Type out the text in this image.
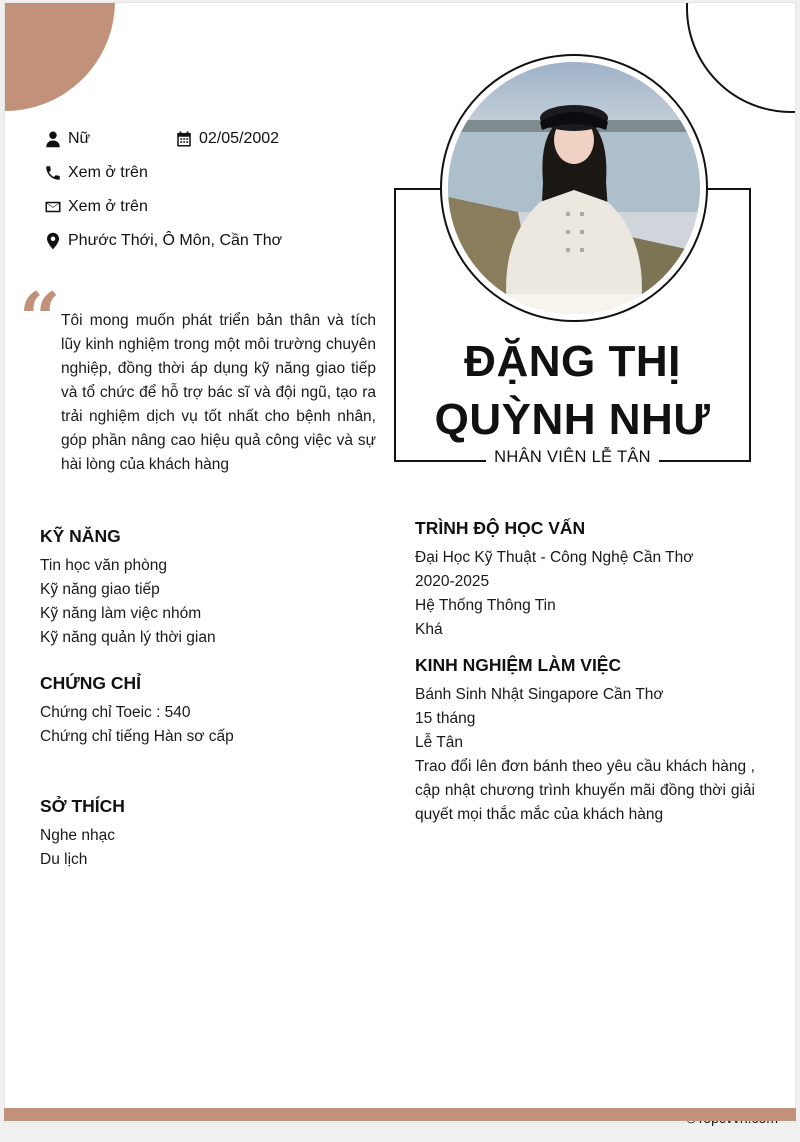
Nữ	02/05/2002
Xem ở trên
Xem ở trên
Phước Thới, Ô Môn, Cần Thơ
“ Tôi mong muốn phát triển bản thân và tích lũy kinh nghiệm trong một môi trường chuyên nghiệp, đồng thời áp dụng kỹ năng giao tiếp và tổ chức để hỗ trợ bác sĩ và đội ngũ, tạo ra trải nghiệm dịch vụ tốt nhất cho bệnh nhân, góp phần nâng cao hiệu quả công việc và sự hài lòng của khách hàng
ĐẶNG THỊ
QUỲNH NHƯ
NHÂN VIÊN LỄ TÂN
KỸ NĂNG
Tin học văn phòng
Kỹ năng giao tiếp
Kỹ năng làm việc nhóm
Kỹ năng quản lý thời gian
CHỨNG CHỈ
Chứng chỉ Toeic : 540
Chứng chỉ tiếng Hàn sơ cấp
SỞ THÍCH
Nghe nhạc
Du lịch
TRÌNH ĐỘ HỌC VẤN
Đại Học Kỹ Thuật - Công Nghệ Cần Thơ
2020-2025
Hệ Thống Thông Tin
Khá
KINH NGHIỆM LÀM VIỆC
Bánh Sinh Nhật Singapore Cần Thơ
15 tháng
Lễ Tân
Trao đổi lên đơn bánh theo yêu cầu khách hàng , cập nhật chương trình khuyến mãi đồng thời giải quyết mọi thắc mắc của khách hàng
